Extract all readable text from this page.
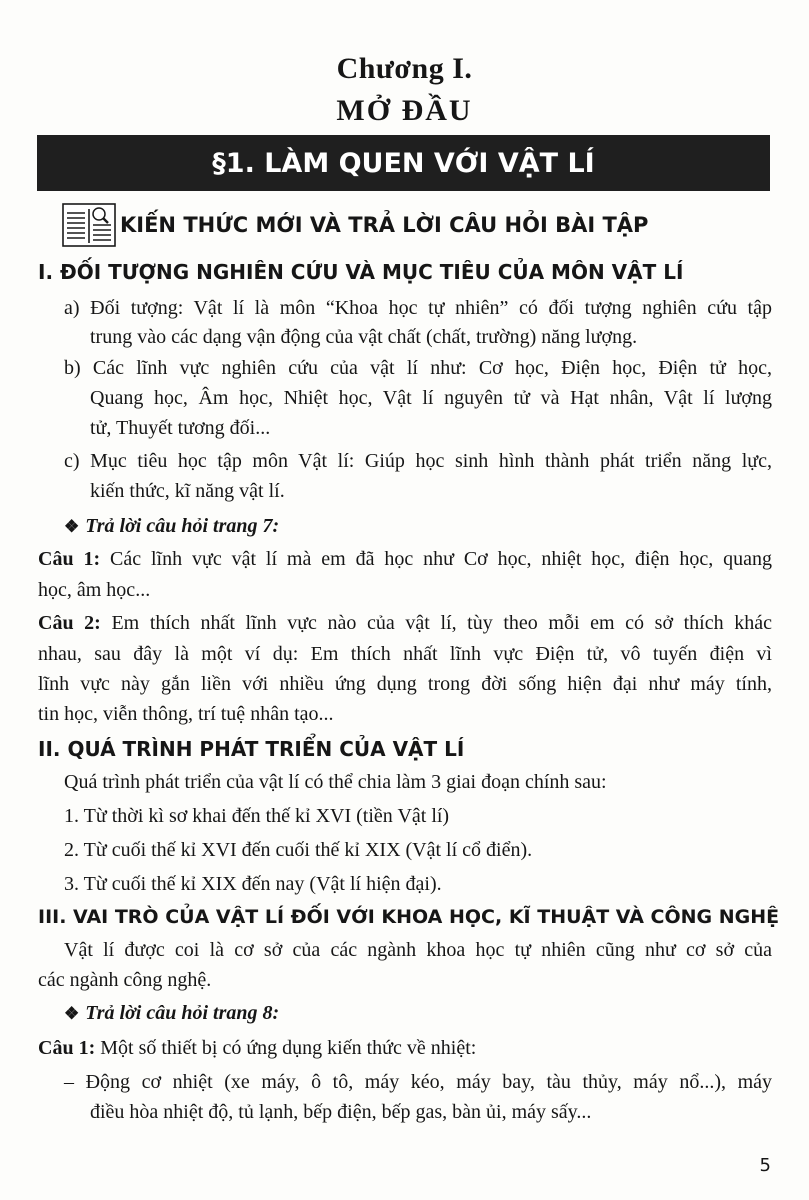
Chương I.
MỞ ĐẦU
§1. LÀM QUEN VỚI VẬT LÍ
KIẾN THỨC MỚI VÀ TRẢ LỜI CÂU HỎI BÀI TẬP
I. ĐỐI TƯỢNG NGHIÊN CỨU VÀ MỤC TIÊU CỦA MÔN VẬT LÍ
a) Đối tượng: Vật lí là môn “Khoa học tự nhiên” có đối tượng nghiên cứu tập
trung vào các dạng vận động của vật chất (chất, trường) năng lượng.
b) Các lĩnh vực nghiên cứu của vật lí như: Cơ học, Điện học, Điện tử học,
Quang học, Âm học, Nhiệt học, Vật lí nguyên tử và Hạt nhân, Vật lí lượng
tử, Thuyết tương đối...
c) Mục tiêu học tập môn Vật lí: Giúp học sinh hình thành phát triển năng lực,
kiến thức, kĩ năng vật lí.
❖ Trả lời câu hỏi trang 7:
Câu 1: Các lĩnh vực vật lí mà em đã học như Cơ học, nhiệt học, điện học, quang
học, âm học...
Câu 2: Em thích nhất lĩnh vực nào của vật lí, tùy theo mỗi em có sở thích khác
nhau, sau đây là một ví dụ: Em thích nhất lĩnh vực Điện tử, vô tuyến điện vì
lĩnh vực này gắn liền với nhiều ứng dụng trong đời sống hiện đại như máy tính,
tin học, viễn thông, trí tuệ nhân tạo...
II. QUÁ TRÌNH PHÁT TRIỂN CỦA VẬT LÍ
Quá trình phát triển của vật lí có thể chia làm 3 giai đoạn chính sau:
1. Từ thời kì sơ khai đến thế kỉ XVI (tiền Vật lí)
2. Từ cuối thế kỉ XVI đến cuối thế kỉ XIX (Vật lí cổ điển).
3. Từ cuối thế kỉ XIX đến nay (Vật lí hiện đại).
III. VAI TRÒ CỦA VẬT LÍ ĐỐI VỚI KHOA HỌC, KĨ THUẬT VÀ CÔNG NGHỆ
Vật lí được coi là cơ sở của các ngành khoa học tự nhiên cũng như cơ sở của
các ngành công nghệ.
❖ Trả lời câu hỏi trang 8:
Câu 1: Một số thiết bị có ứng dụng kiến thức về nhiệt:
– Động cơ nhiệt (xe máy, ô tô, máy kéo, máy bay, tàu thủy, máy nổ...), máy
điều hòa nhiệt độ, tủ lạnh, bếp điện, bếp gas, bàn ủi, máy sấy...
5
